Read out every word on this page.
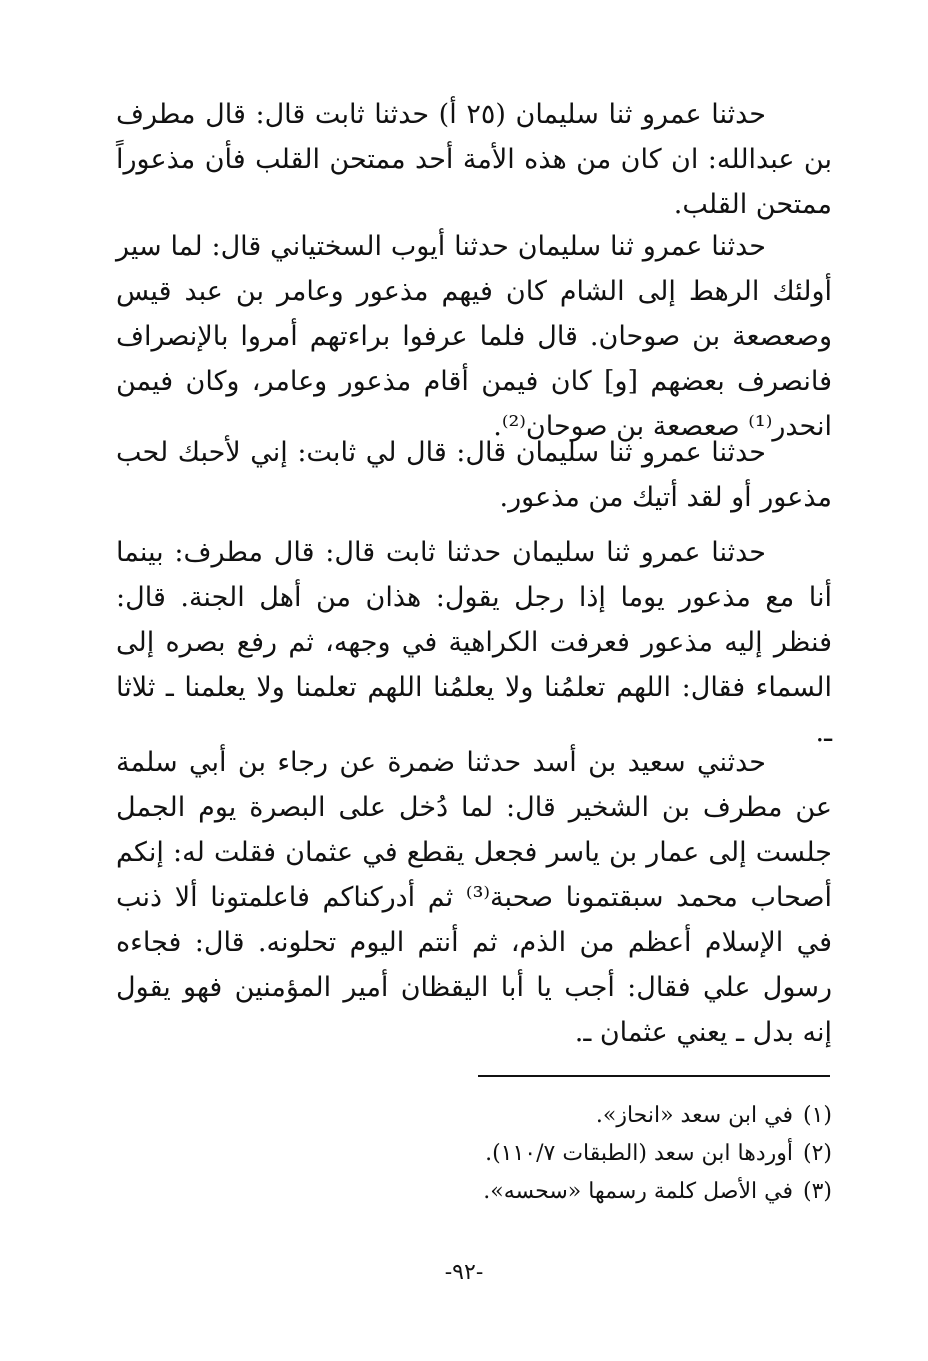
حدثنا عمرو ثنا سليمان (٢٥ أ) حدثنا ثابت قال: قال مطرف بن عبدالله: ان كان من هذه الأمة أحد ممتحن القلب فأن مذعوراً ممتحن القلب.

حدثنا عمرو ثنا سليمان حدثنا أيوب السختياني قال: لما سير أولئك الرهط إلى الشام كان فيهم مذعور وعامر بن عبد قيس وصعصعة بن صوحان. قال فلما عرفوا براءتهم أمروا بالإنصراف فانصرف بعضهم [و] كان فيمن أقام مذعور وعامر، وكان فيمن انحدر⁽¹⁾ صعصعة بن صوحان⁽²⁾.

حدثنا عمرو ثنا سليمان قال: قال لي ثابت: إني لأحبك لحب مذعور أو لقد أتيك من مذعور.

حدثنا عمرو ثنا سليمان حدثنا ثابت قال: قال مطرف: بينما أنا مع مذعور يوما إذا رجل يقول: هذان من أهل الجنة. قال: فنظر إليه مذعور فعرفت الكراهية في وجهه، ثم رفع بصره إلى السماء فقال: اللهم تعلمُنا ولا يعلمُنا اللهم تعلمنا ولا يعلمنا ـ ثلاثا ـ.

حدثني سعيد بن أسد حدثنا ضمرة عن رجاء بن أبي سلمة عن مطرف بن الشخير قال: لما دُخل على البصرة يوم الجمل جلست إلى عمار بن ياسر فجعل يقطع في عثمان فقلت له: إنكم أصحاب محمد سبقتمونا صحبة⁽³⁾ ثم أدركناكم فاعلمتونا ألا ذنب في الإسلام أعظم من الذم، ثم أنتم اليوم تحلونه. قال: فجاءه رسول علي فقال: أجب يا أبا اليقظان أمير المؤمنين فهو يقول إنه بدل ـ يعني عثمان ـ.

(١)في ابن سعد «انحاز».
(٢)أوردها ابن سعد (الطبقات ١١٠/٧).
(٣)في الأصل كلمة رسمها «سحسه».
-٩٢-
